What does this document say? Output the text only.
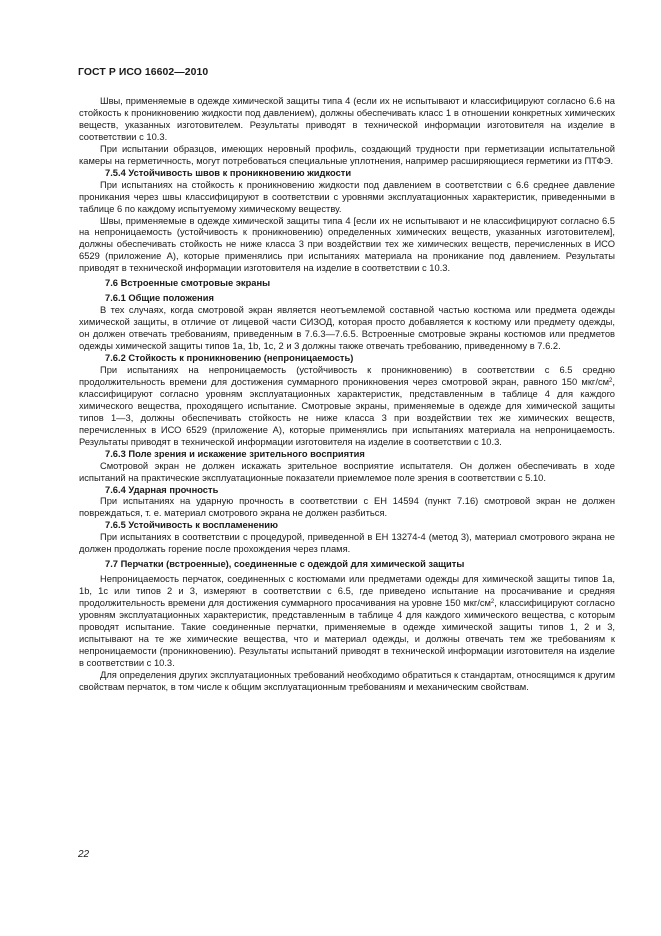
ГОСТ Р ИСО 16602—2010

Швы, применяемые в одежде химической защиты типа 4 (если их не испытывают и классифицируют согласно 6.6 на стойкость к проникновению жидкости под давлением), должны обеспечивать класс 1 в отношении конкретных химических веществ, указанных изготовителем. Результаты приводят в технической информации изготовителя на изделие в соответствии с 10.3.

При испытании образцов, имеющих неровный профиль, создающий трудности при герметизации испытательной камеры на герметичность, могут потребоваться специальные уплотнения, например расширяющиеся герметики из ПТФЭ.

7.5.4 Устойчивость швов к проникновению жидкости

При испытаниях на стойкость к проникновению жидкости под давлением в соответствии с 6.6 среднее давление проникания через швы классифицируют в соответствии с уровнями эксплуатационных характеристик, приведенными в таблице 6 по каждому испытуемому химическому веществу.

Швы, применяемые в одежде химической защиты типа 4 [если их не испытывают и не классифицируют согласно 6.5 на непроницаемость (устойчивость к проникновению) определенных химических веществ, указанных изготовителем], должны обеспечивать стойкость не ниже класса 3 при воздействии тех же химических веществ, перечисленных в ИСО 6529 (приложение А), которые применялись при испытаниях материала на проникание под давлением. Результаты приводят в технической информации изготовителя на изделие в соответствии с 10.3.

7.6 Встроенные смотровые экраны
7.6.1 Общие положения

В тех случаях, когда смотровой экран является неотъемлемой составной частью костюма или предмета одежды химической защиты, в отличие от лицевой части СИЗОД, которая просто добавляется к костюму или предмету одежды, он должен отвечать требованиям, приведенным в 7.6.3—7.6.5. Встроенные смотровые экраны костюмов или предметов одежды химической защиты типов 1а, 1b, 1с, 2 и 3 должны также отвечать требованию, приведенному в 7.6.2.

7.6.2 Стойкость к проникновению (непроницаемость)

При испытаниях на непроницаемость (устойчивость к проникновению) в соответствии с 6.5 средню продолжительность времени для достижения суммарного проникновения через смотровой экран, равного 150 мкг/$см^2$, классифицируют согласно уровням эксплуатационных характеристик, представленным в таблице 4 для каждого химического вещества, проходящего испытание. Смотровые экраны, применяемые в одежде для химической защиты типов 1—3, должны обеспечивать стойкость не ниже класса 3 при воздействии тех же химических веществ, перечисленных в ИСО 6529 (приложение А), которые применялись при испытаниях материала на непроницаемость. Результаты приводят в технической информации изготовителя на изделие в соответствии с 10.3.

7.6.3 Поле зрения и искажение зрительного восприятия

Смотровой экран не должен искажать зрительное восприятие испытателя. Он должен обеспечивать в ходе испытаний на практические эксплуатационные показатели приемлемое поле зрения в соответствии с 5.10.

7.6.4 Ударная прочность

При испытаниях на ударную прочность в соответствии с ЕН 14594 (пункт 7.16) смотровой экран не должен повреждаться, т. е. материал смотрового экрана не должен разбиться.

7.6.5 Устойчивость к воспламенению

При испытаниях в соответствии с процедурой, приведенной в ЕН 13274-4 (метод 3), материал смотрового экрана не должен продолжать горение после прохождения через пламя.

7.7 Перчатки (встроенные), соединенные с одеждой для химической защиты

Непроницаемость перчаток, соединенных с костюмами или предметами одежды для химической защиты типов 1а, 1b, 1с или типов 2 и 3, измеряют в соответствии с 6.5, где приведено испытание на просачивание и средняя продолжительность времени для достижения суммарного просачивания на уровне 150 мкг/$см^2$, классифицируют согласно уровням эксплуатационных характеристик, представленным в таблице 4 для каждого химического вещества, с которым проводят испытание. Такие соединенные перчатки, применяемые в одежде химической защиты типов 1, 2 и 3, испытывают на те же химические вещества, что и материал одежды, и должны отвечать тем же требованиям к непроницаемости (проникновению). Результаты испытаний приводят в технической информации изготовителя на изделие в соответствии с 10.3.

Для определения других эксплуатационных требований необходимо обратиться к стандартам, относящимся к другим свойствам перчаток, в том числе к общим эксплуатационным требованиям и механическим свойствам.

22
